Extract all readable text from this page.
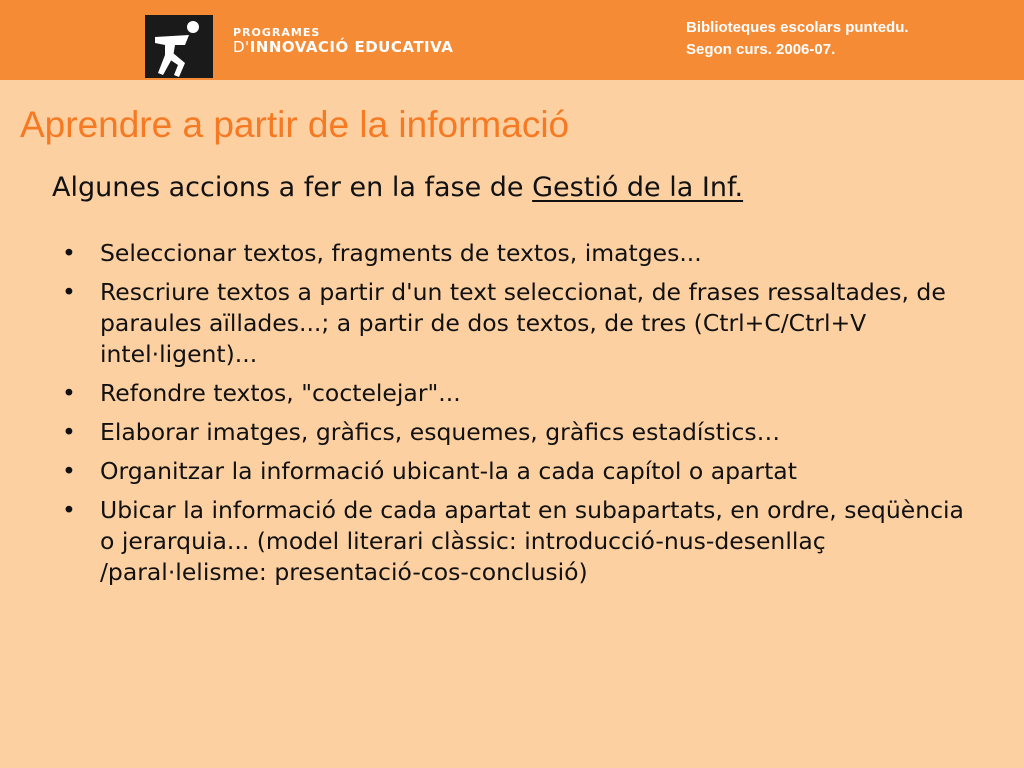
PROGRAMES
D'INNOVACIÓ EDUCATIVA
Biblioteques escolars puntedu.
Segon curs. 2006-07.
Aprendre a partir de la informació
Algunes accions a fer en la fase de Gestió de la Inf.
• Seleccionar textos, fragments de textos, imatges...
• Rescriure textos a partir d'un text seleccionat, de frases ressaltades, de paraules aïllades...; a partir de dos textos, de tres (Ctrl+C/Ctrl+V intel·ligent)...
• Refondre textos, "coctelejar"...
• Elaborar imatges, gràfics, esquemes, gràfics estadístics…
• Organitzar la informació ubicant-la a cada capítol o apartat
• Ubicar la informació de cada apartat en subapartats, en ordre, seqüència o jerarquia... (model literari clàssic: introducció-nus-desenllaç /paral·lelisme: presentació-cos-conclusió)
